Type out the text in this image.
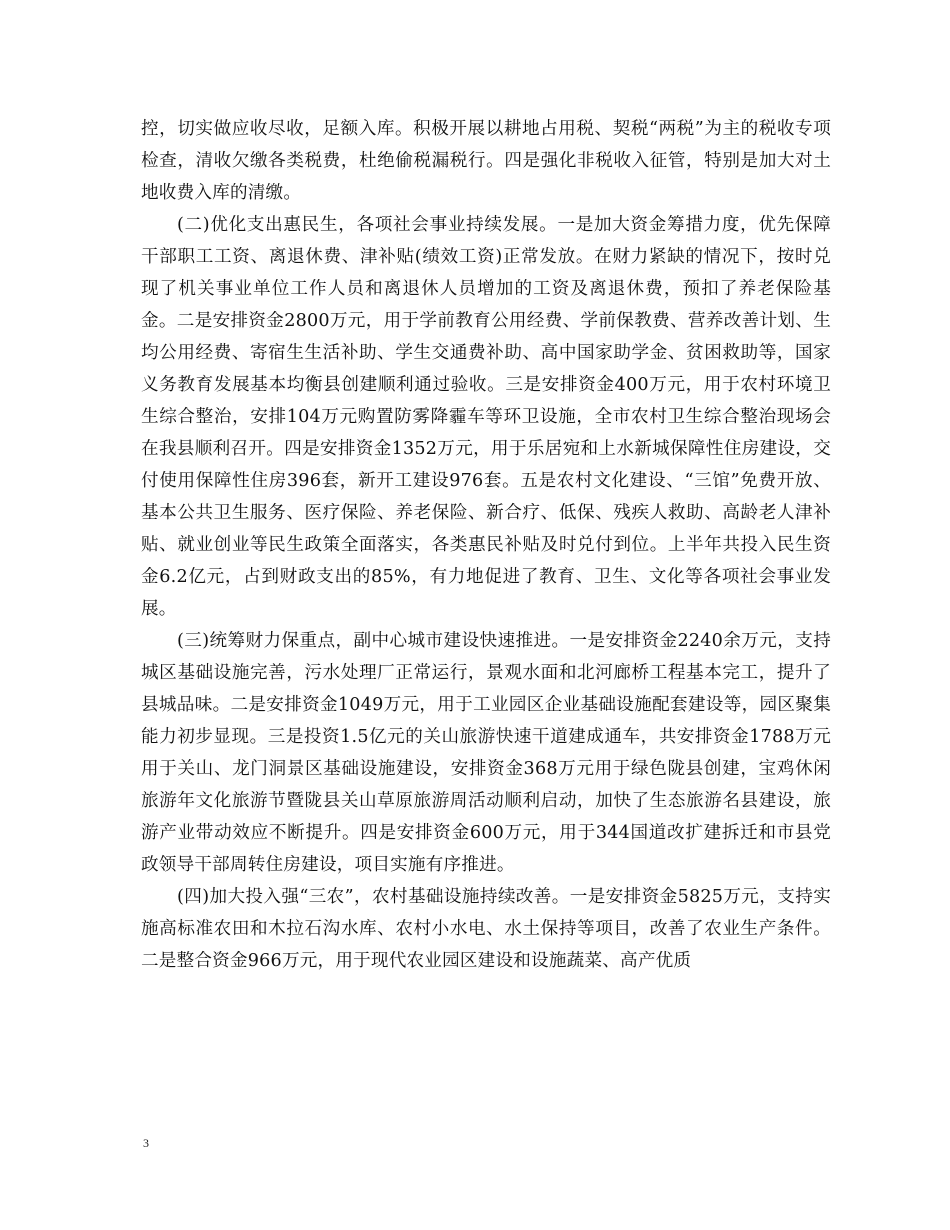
控，切实做应收尽收，足额入库。积极开展以耕地占用税、契税“两税”为主的税收专项检查，清收欠缴各类税费，杜绝偷税漏税行。四是强化非税收入征管，特别是加大对土地收费入库的清缴。

(二)优化支出惠民生，各项社会事业持续发展。一是加大资金筹措力度，优先保障干部职工工资、离退休费、津补贴(绩效工资)正常发放。在财力紧缺的情况下，按时兑现了机关事业单位工作人员和离退休人员增加的工资及离退休费，预扣了养老保险基金。二是安排资金2800万元，用于学前教育公用经费、学前保教费、营养改善计划、生均公用经费、寄宿生生活补助、学生交通费补助、高中国家助学金、贫困救助等，国家义务教育发展基本均衡县创建顺利通过验收。三是安排资金400万元，用于农村环境卫生综合整治，安排104万元购置防雾降霾车等环卫设施，全市农村卫生综合整治现场会在我县顺利召开。四是安排资金1352万元，用于乐居宛和上水新城保障性住房建设，交付使用保障性住房396套，新开工建设976套。五是农村文化建设、“三馆”免费开放、基本公共卫生服务、医疗保险、养老保险、新合疗、低保、残疾人救助、高龄老人津补贴、就业创业等民生政策全面落实，各类惠民补贴及时兑付到位。上半年共投入民生资金6.2亿元，占到财政支出的85%，有力地促进了教育、卫生、文化等各项社会事业发展。

(三)统筹财力保重点，副中心城市建设快速推进。一是安排资金2240余万元，支持城区基础设施完善，污水处理厂正常运行，景观水面和北河廊桥工程基本完工，提升了县城品味。二是安排资金1049万元，用于工业园区企业基础设施配套建设等，园区聚集能力初步显现。三是投资1.5亿元的关山旅游快速干道建成通车，共安排资金1788万元用于关山、龙门洞景区基础设施建设，安排资金368万元用于绿色陇县创建，宝鸡休闲旅游年文化旅游节暨陇县关山草原旅游周活动顺利启动，加快了生态旅游名县建设，旅游产业带动效应不断提升。四是安排资金600万元，用于344国道改扩建拆迁和市县党政领导干部周转住房建设，项目实施有序推进。

(四)加大投入强“三农”，农村基础设施持续改善。一是安排资金5825万元，支持实施高标准农田和木拉石沟水库、农村小水电、水土保持等项目，改善了农业生产条件。二是整合资金966万元，用于现代农业园区建设和设施蔬菜、高产优质

3
